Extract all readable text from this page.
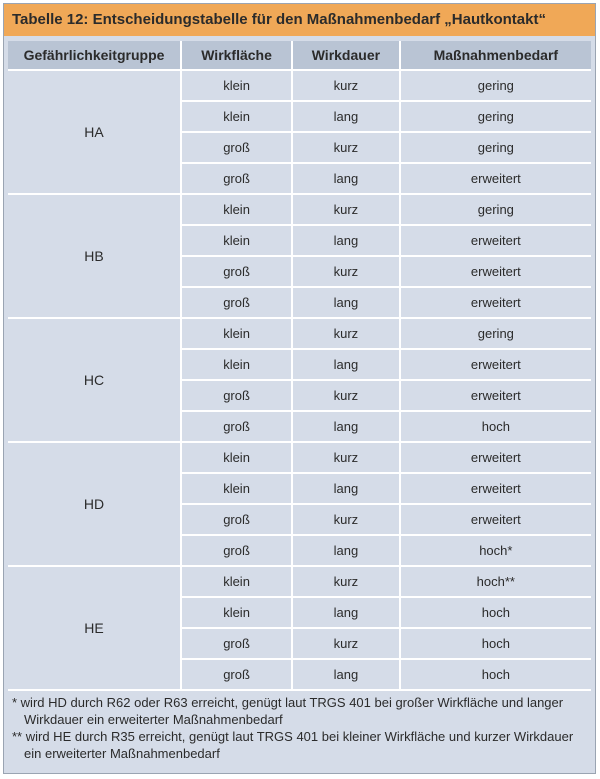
Tabelle 12: Entscheidungstabelle für den Maßnahmenbedarf „Hautkontakt“
Gefährlichkeitgruppe	Wirkfläche	Wirkdauer	Maßnahmenbedarf
HA	klein	kurz	gering
	klein	lang	gering
	groß	kurz	gering
	groß	lang	erweitert
HB	klein	kurz	gering
	klein	lang	erweitert
	groß	kurz	erweitert
	groß	lang	erweitert
HC	klein	kurz	gering
	klein	lang	erweitert
	groß	kurz	erweitert
	groß	lang	hoch
HD	klein	kurz	erweitert
	klein	lang	erweitert
	groß	kurz	erweitert
	groß	lang	hoch*
HE	klein	kurz	hoch**
	klein	lang	hoch
	groß	kurz	hoch
	groß	lang	hoch

* wird HD durch R62 oder R63 erreicht, genügt laut TRGS 401 bei großer Wirkfläche und langer Wirkdauer ein erweiterter Maßnahmenbedarf

** wird HE durch R35 erreicht, genügt laut TRGS 401 bei kleiner Wirkfläche und kurzer Wirkdauer ein erweiterter Maßnahmenbedarf
